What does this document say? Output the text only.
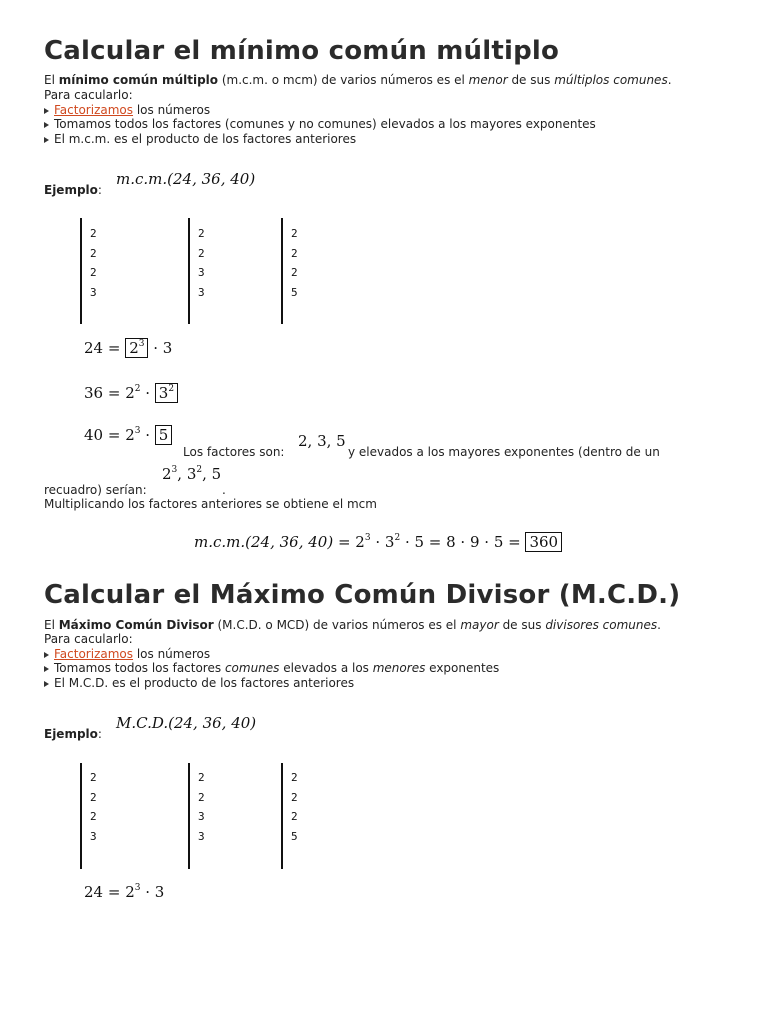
Calcular el mínimo común múltiplo
El mínimo común múltiplo (m.c.m. o mcm) de varios números es el menor de sus múltiplos comunes.
Para cacularlo:
Factorizamos los números
Tomamos todos los factores (comunes y no comunes) elevados a los mayores exponentes
El m.c.m. es el producto de los factores anteriores
Ejemplo:
m.c.m.(24, 36, 40)
2
2
2
3
2
2
3
3
2
2
2
5
$24 = 2^3 \cdot 3$
$36 = 2^2 \cdot 3^2$
$40 = 2^3 \cdot 5$
Los factores son:
2, 3, 5
y elevados a los mayores exponentes (dentro de un
$2^3$, $3^2$, 5
recuadro) serían:	.
Multiplicando los factores anteriores se obtiene el mcm
m.c.m.(24, 36, $40) = 2^3 \cdot 3^2 \cdot 5 = 8 \cdot 9 \cdot 5 = 360$
Calcular el Máximo Común Divisor (M.C.D.)
El Máximo Común Divisor (M.C.D. o MCD) de varios números es el mayor de sus divisores comunes.
Para cacularlo:
Factorizamos los números
Tomamos todos los factores comunes elevados a los menores exponentes
El M.C.D. es el producto de los factores anteriores
Ejemplo:
M.C.D.(24, 36, 40)
2
2
2
3
2
2
3
3
2
2
2
5
$24 = 2^3 \cdot 3$
